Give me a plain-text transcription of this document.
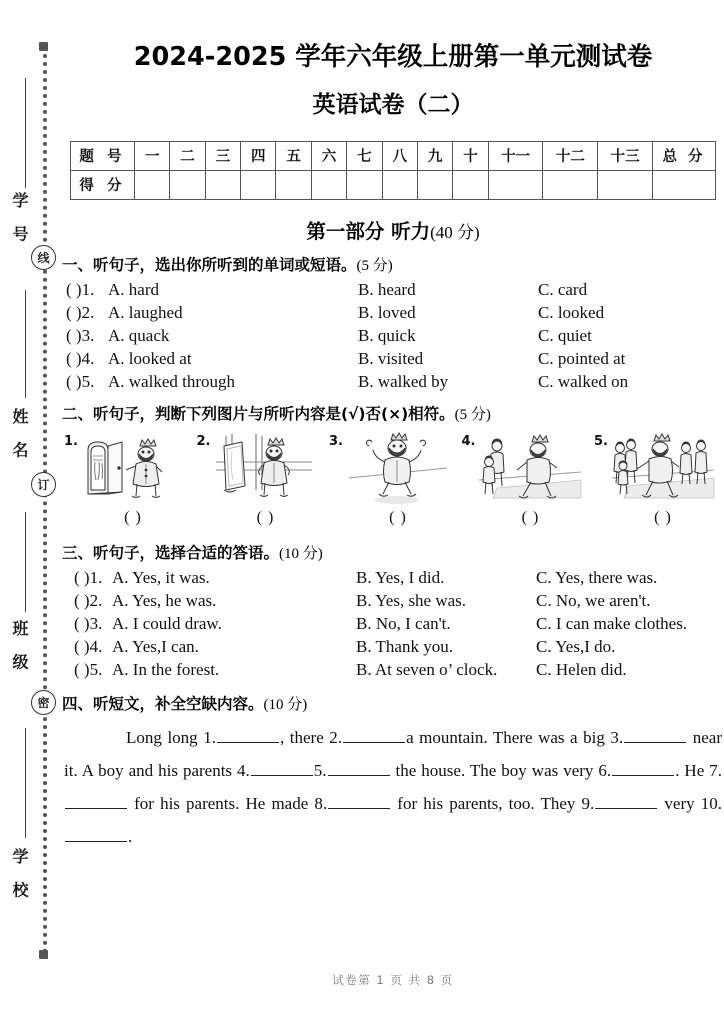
学 号
线
姓 名
订
班 级
密
学 校
2024-2025 学年六年级上册第一单元测试卷
英语试卷（二）
题 号	一	二	三	四	五	六	七	八	九	十	十一	十二	十三	总 分
得 分														
第一部分 听力(40 分)
一、听句子，选出你所听到的单词或短语。(5 分)
( )1. A. hard	B. heard	C. card
( )2. A. laughed	B. loved	C. looked
( )3. A. quack	B. quick	C. quiet
( )4. A. looked at	B. visited	C. pointed at
( )5. A. walked through	B. walked by	C. walked on
二、听句子，判断下列图片与所听内容是(√)否(×)相符。(5 分)
1.
( )
2.
( )
3.
( )
4.
( )
5.
( )
三、听句子，选择合适的答语。(10 分)
( )1. A. Yes, it was.	B. Yes, I did.	C. Yes, there was.
( )2. A. Yes, he was.	B. Yes, she was.	C. No, we aren't.
( )3. A. I could draw.	B. No, I can't.	C. I can make clothes.
( )4. A. Yes,I can.	B. Thank you.	C. Yes,I do.
( )5. A. In the forest.	B. At seven o’ clock.	C. Helen did.
四、听短文，补全空缺内容。(10 分)
Long long 1.	, there 2.	a mountain. There was a big 3.	near it. A boy and his parents 4.	5.	the house. The boy was very 6.	. He 7. for his parents. He made 8.	for his parents, too. They 9.	very 10..
试卷第 1 页 共 8 页
